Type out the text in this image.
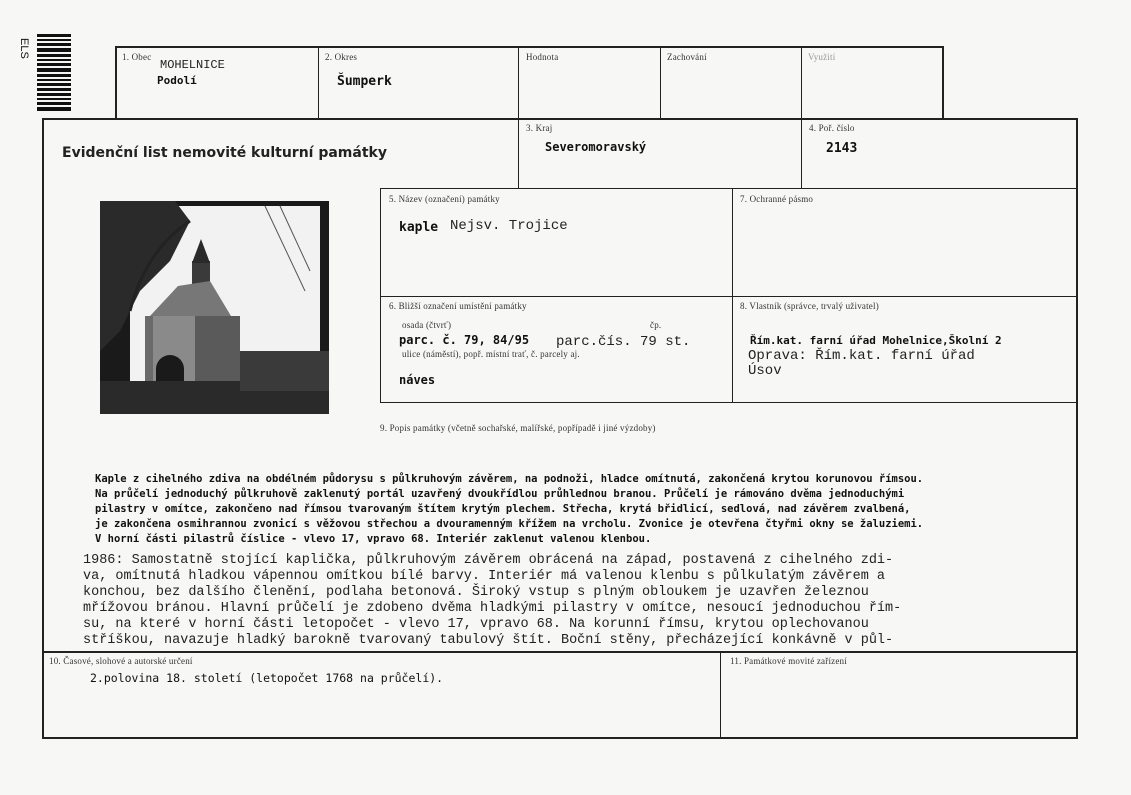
ELS	1. Obec
MOHELNICE
Podolí
2. Okres
Šumperk
Hodnota	Zachování	Využití
Evidenční list nemovité kulturní památky
3. Kraj
Severomoravský
4. Poř. číslo
2143
5. Název (označení) památky
kaple Nejsv. Trojice
7. Ochranné pásmo
6. Bližší označení umístění památky
osada (čtvrť)	čp.
parc. č. 79, 84/95 parc.čís. 79 st.
ulice (náměstí), popř. místní trať, č. parcely aj.
náves
8. Vlastník (správce, trvalý uživatel)
Řím.kat. farní úřad Mohelnice,Školní 2
Oprava: Řím.kat. farní úřad
Úsov
9. Popis památky (včetně sochařské, malířské, popřípadě i jiné výzdoby)
Kaple z cihelného zdiva na obdélném půdorysu s půlkruhovým závěrem, na podnoži, hladce omítnutá, zakončená krytou korunovou římsou.
Na průčelí jednoduchý půlkruhově zaklenutý portál uzavřený dvoukřídlou průhlednou branou. Průčelí je rámováno dvěma jednoduchými
pilastry v omítce, zakončeno nad římsou tvarovaným štítem krytým plechem. Střecha, krytá břidlicí, sedlová, nad závěrem zvalbená,
je zakončena osmihrannou zvonicí s věžovou střechou a dvouramenným křížem na vrcholu. Zvonice je otevřena čtyřmi okny se žaluziemi.
V horní části pilastrů číslice - vlevo 17, vpravo 68. Interiér zaklenut valenou klenbou.
1986: Samostatně stojící kaplička, půlkruhovým závěrem obrácená na západ, postavená z cihelného zdi-
va, omítnutá hladkou vápennou omítkou bílé barvy. Interiér má valenou klenbu s půlkulatým závěrem a
konchou, bez dalšího členění, podlaha betonová. Široký vstup s plným obloukem je uzavřen železnou
mřížovou bránou. Hlavní průčelí je zdobeno dvěma hladkými pilastry v omítce, nesoucí jednoduchou řím-
su, na které v horní části letopočet - vlevo 17, vpravo 68. Na korunní římsu, krytou oplechovanou
stříškou, navazuje hladký barokně tvarovaný tabulový štít. Boční stěny, přecházející konkávně v půl-
10. Časové, slohové a autorské určení
2.polovina 18. století (letopočet 1768 na průčelí).
11. Památkové movité zařízení
